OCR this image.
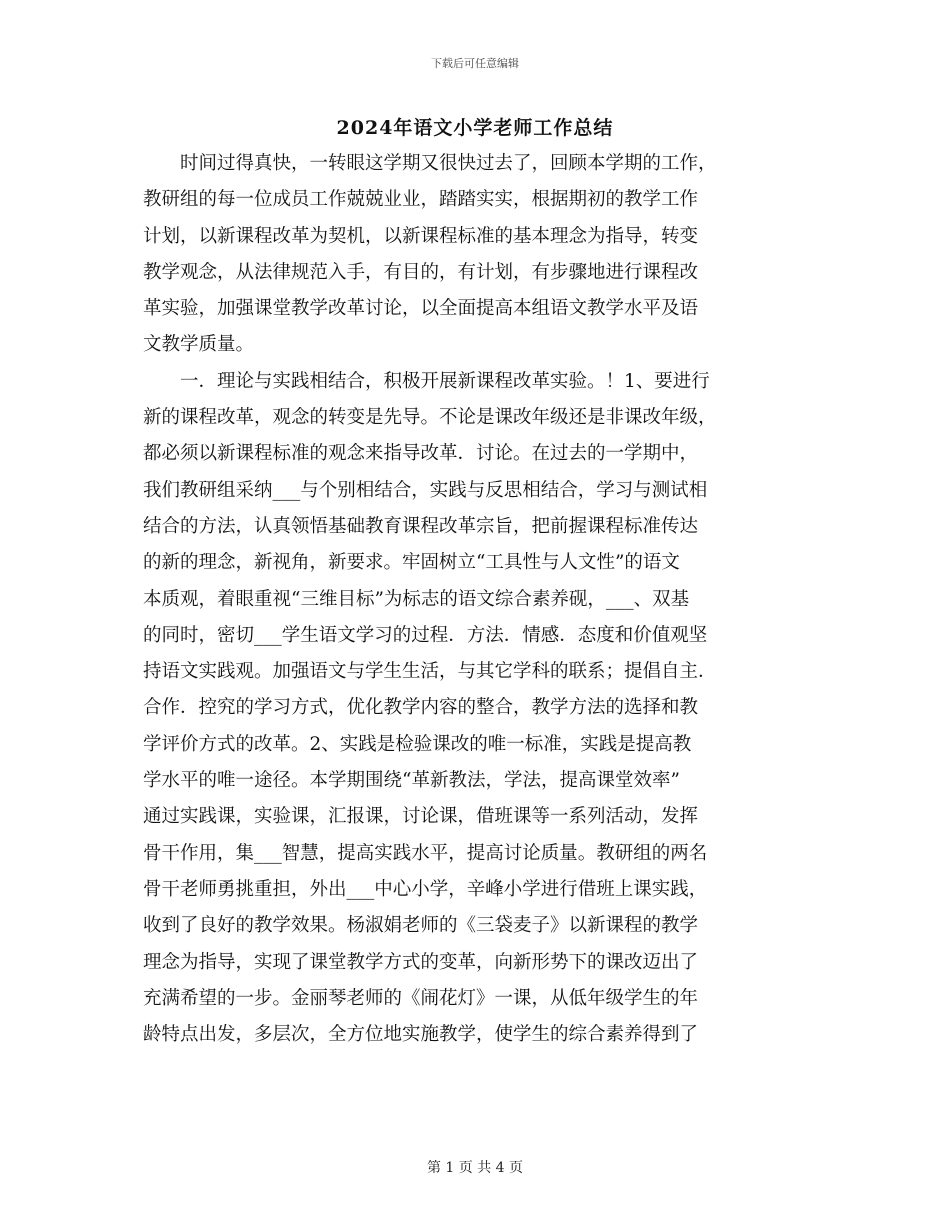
下载后可任意编辑
2024年语文小学老师工作总结
　　时间过得真快，一转眼这学期又很快过去了，回顾本学期的工作，
教研组的每一位成员工作兢兢业业，踏踏实实，根据期初的教学工作
计划，以新课程改革为契机，以新课程标准的基本理念为指导，转变
教学观念，从法律规范入手，有目的，有计划，有步骤地进行课程改
革实验，加强课堂教学改革讨论，以全面提高本组语文教学水平及语
文教学质量。
　　一．理论与实践相结合，积极开展新课程改革实验。！1、要进行
新的课程改革，观念的转变是先导。不论是课改年级还是非课改年级，
都必须以新课程标准的观念来指导改革．讨论。在过去的一学期中，
我们教研组采纳___与个别相结合，实践与反思相结合，学习与测试相
结合的方法，认真领悟基础教育课程改革宗旨，把前握课程标准传达
的新的理念，新视角，新要求。牢固树立“工具性与人文性”的语文
本质观，着眼重视“三维目标”为标志的语文综合素养砚，___、双基
的同时，密切___学生语文学习的过程．方法．情感．态度和价值观坚
持语文实践观。加强语文与学生生活，与其它学科的联系；提倡自主．
合作．控究的学习方式，优化教学内容的整合，教学方法的选择和教
学评价方式的改革。2、实践是检验课改的唯一标准，实践是提高教
学水平的唯一途径。本学期围绕“革新教法，学法，提高课堂效率”
通过实践课，实验课，汇报课，讨论课，借班课等一系列活动，发挥
骨干作用，集___智慧，提高实践水平，提高讨论质量。教研组的两名
骨干老师勇挑重担，外出___中心小学，辛峰小学进行借班上课实践，
收到了良好的教学效果。杨淑娟老师的《三袋麦子》以新课程的教学
理念为指导，实现了课堂教学方式的变革，向新形势下的课改迈出了
充满希望的一步。金丽琴老师的《闹花灯》一课，从低年级学生的年
龄特点出发，多层次，全方位地实施教学，使学生的综合素养得到了
第 1 页 共 4 页
